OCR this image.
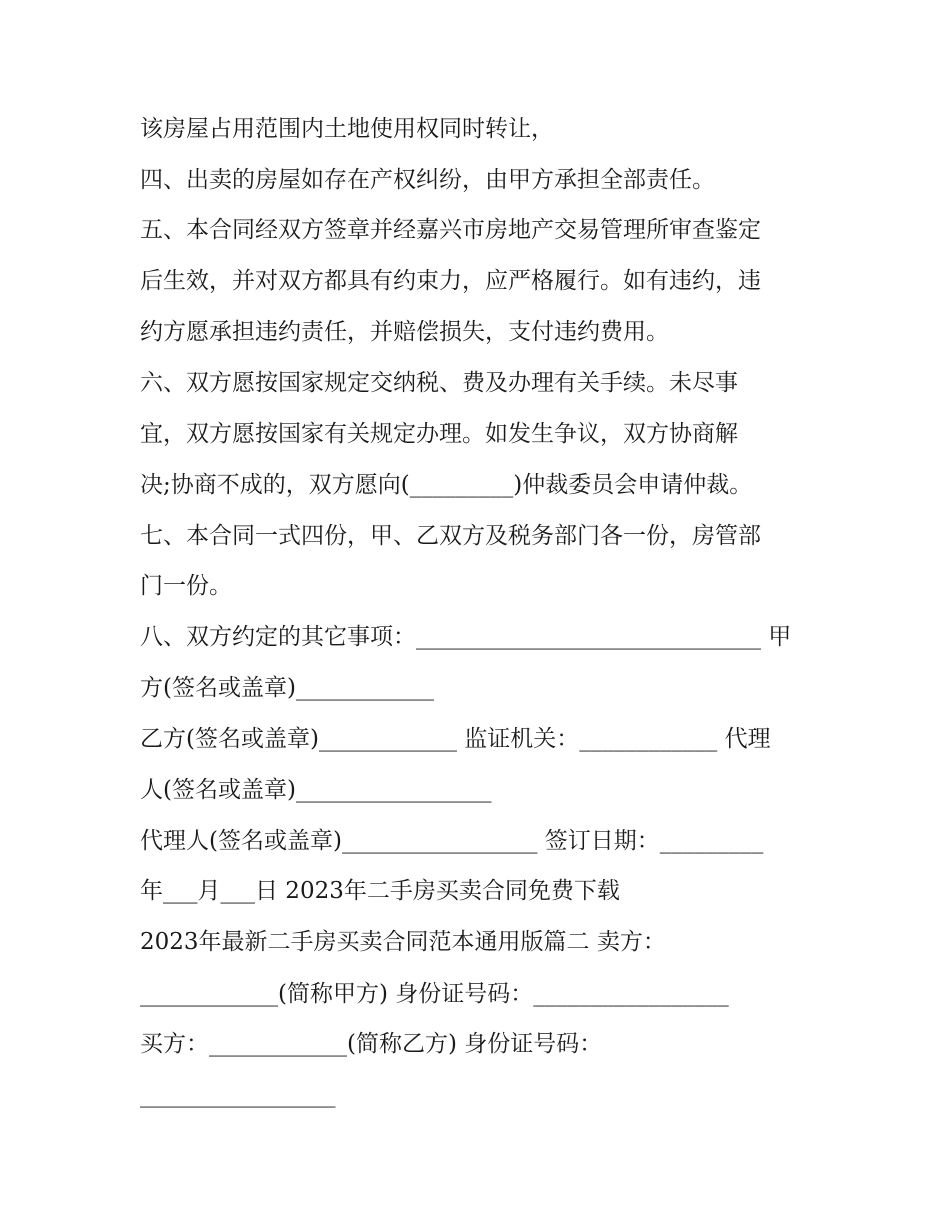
该房屋占用范围内土地使用权同时转让，
四、出卖的房屋如存在产权纠纷，由甲方承担全部责任。
五、本合同经双方签章并经嘉兴市房地产交易管理所审查鉴定
后生效，并对双方都具有约束力，应严格履行。如有违约，违
约方愿承担违约责任，并赔偿损失，支付违约费用。
六、双方愿按国家规定交纳税、费及办理有关手续。未尽事
宜，双方愿按国家有关规定办理。如发生争议，双方协商解
决;协商不成的，双方愿向(_________)仲裁委员会申请仲裁。
七、本合同一式四份，甲、乙双方及税务部门各一份，房管部
门一份。
八、双方约定的其它事项：______________________________ 甲
方(签名或盖章)____________
乙方(签名或盖章)____________ 监证机关：____________ 代理
人(签名或盖章)_________________
代理人(签名或盖章)_________________ 签订日期：_________
年___月___日 2023年二手房买卖合同免费下载
2023年最新二手房买卖合同范本通用版篇二 卖方：
____________(简称甲方) 身份证号码：_________________
买方：____________(简称乙方) 身份证号码：
_________________
